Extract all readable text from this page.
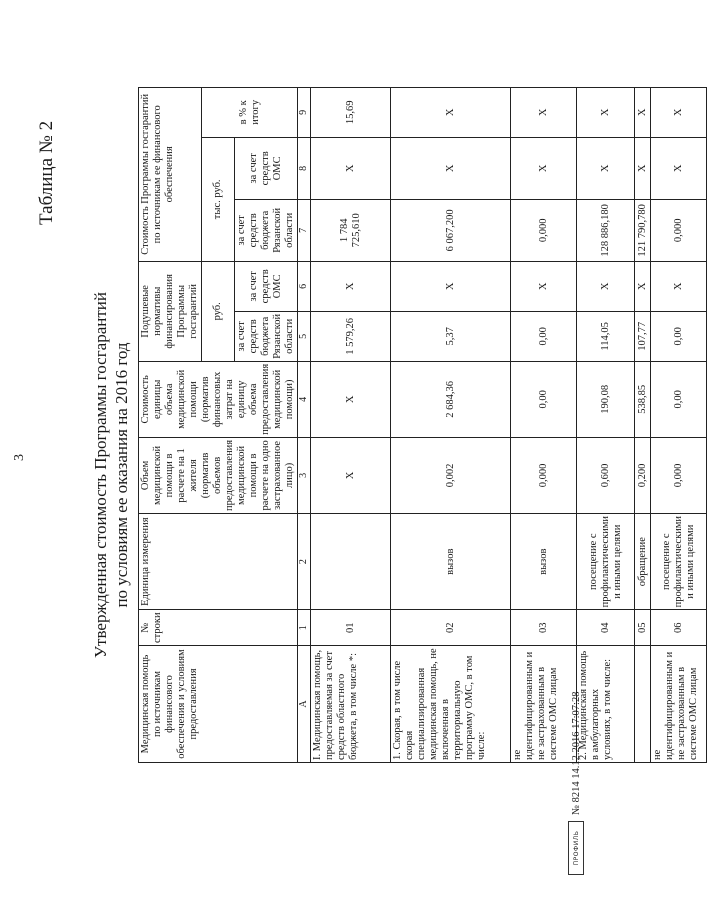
3
Таблица № 2
Утвержденная стоимость Программы госгарантий по условиям ее оказания на 2016 год
Медицинская помощь по источникам финансового обеспечения и условиям предоставления	№ строки	Единица измерения	Объем медицинской помощи в расчете на 1 жителя (норматив объемов предоставления медицинской помощи в расчете на одно застрахованное лицо)	Стоимость единицы объема медицинской помощи (норматив финансовых затрат на единицу объема предоставления медицинской помощи)	Подушевые нормативы финансирования Программы госгарантий		Стоимость Программы госгарантий по источникам ее финансового обеспечения		
					руб.		тыс. руб.		в % к итогу
					за счет средств бюджета Рязанской области	за счет средств ОМС	за счет средств бюджета Рязанской области	за счет средств ОМС	
А	1	2	3	4	5	6	7	8	9
I. Медицинская помощь, предоставляемая за счет средств областного бюджета, в том числе *:	01		X	X	1 579,26	X	1 784 725,610	X	15,69
1. Скорая, в том числе скорая специализированная медицинская помощь, не включенная в территориальную программу ОМС, в том числе:	02	вызов	0,002	2 684,36	5,37	X	6 067,200	X	X
не идентифицированным и не застрахованным в системе ОМС лицам	03	вызов	0,000	0,00	0,00	X	0,000	X	X
2. Медицинская помощь в амбулаторных условиях, в том числе:	04	посещение с профилактическими и иными целями	0,600	190,08	114,05	X	128 886,180	X	X
	05	обращение	0,200	538,85	107,77	X	121 790,780	X	X
не идентифицированным и не застрахованным в системе ОМС лицам	06	посещение с профилактическими и иными целями	0,000	0,00	0,00	X	0,000	X	X
ПРОФИЛЬ
№ 8214 14.12.2016 17:07:28
